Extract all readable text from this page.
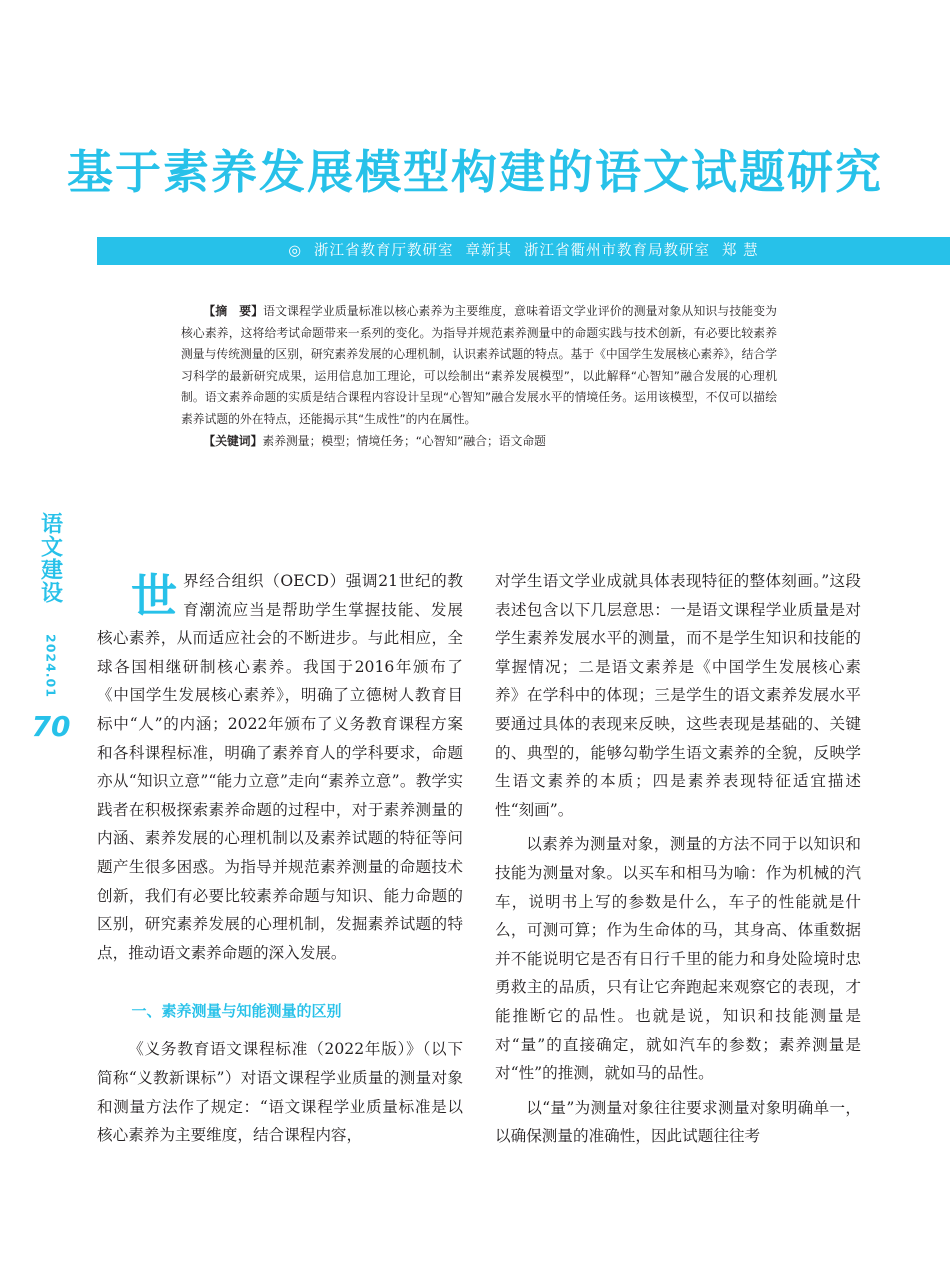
基于素养发展模型构建的语文试题研究
◎ 浙江省教育厅教研室 章新其 浙江省衢州市教育局教研室 郑 慧

【摘　要】语文课程学业质量标准以核心素养为主要维度，意味着语文学业评价的测量对象从知识与技能变为核心素养，这将给考试命题带来一系列的变化。为指导并规范素养测量中的命题实践与技术创新，有必要比较素养测量与传统测量的区别，研究素养发展的心理机制，认识素养试题的特点。基于《中国学生发展核心素养》，结合学习科学的最新研究成果，运用信息加工理论，可以绘制出“素养发展模型”，以此解释“心智知”融合发展的心理机制。语文素养命题的实质是结合课程内容设计呈现“心智知”融合发展水平的情境任务。运用该模型，不仅可以描绘素养试题的外在特点，还能揭示其“生成性”的内在属性。

【关键词】素养测量；模型；情境任务；“心智知”融合；语文命题

语文建设
2024.01
70

世界经合组织（OECD）强调21世纪的教育潮流应当是帮助学生掌握技能、发展核心素养，从而适应社会的不断进步。与此相应，全球各国相继研制核心素养。我国于2016年颁布了《中国学生发展核心素养》，明确了立德树人教育目标中“人”的内涵；2022年颁布了义务教育课程方案和各科课程标准，明确了素养育人的学科要求，命题亦从“知识立意”“能力立意”走向“素养立意”。教学实践者在积极探索素养命题的过程中，对于素养测量的内涵、素养发展的心理机制以及素养试题的特征等问题产生很多困惑。为指导并规范素养测量的命题技术创新，我们有必要比较素养命题与知识、能力命题的区别，研究素养发展的心理机制，发掘素养试题的特点，推动语文素养命题的深入发展。

一、素养测量与知能测量的区别

《义务教育语文课程标准（2022年版）》（以下简称“义教新课标”）对语文课程学业质量的测量对象和测量方法作了规定：“语文课程学业质量标准是以核心素养为主要维度，结合课程内容，

对学生语文学业成就具体表现特征的整体刻画。”这段表述包含以下几层意思：一是语文课程学业质量是对学生素养发展水平的测量，而不是学生知识和技能的掌握情况；二是语文素养是《中国学生发展核心素养》在学科中的体现；三是学生的语文素养发展水平要通过具体的表现来反映，这些表现是基础的、关键的、典型的，能够勾勒学生语文素养的全貌，反映学生语文素养的本质；四是素养表现特征适宜描述性“刻画”。

以素养为测量对象，测量的方法不同于以知识和技能为测量对象。以买车和相马为喻：作为机械的汽车，说明书上写的参数是什么，车子的性能就是什么，可测可算；作为生命体的马，其身高、体重数据并不能说明它是否有日行千里的能力和身处险境时忠勇救主的品质，只有让它奔跑起来观察它的表现，才能推断它的品性。也就是说，知识和技能测量是对“量”的直接确定，就如汽车的参数；素养测量是对“性”的推测，就如马的品性。

以“量”为测量对象往往要求测量对象明确单一，以确保测量的准确性，因此试题往往考
